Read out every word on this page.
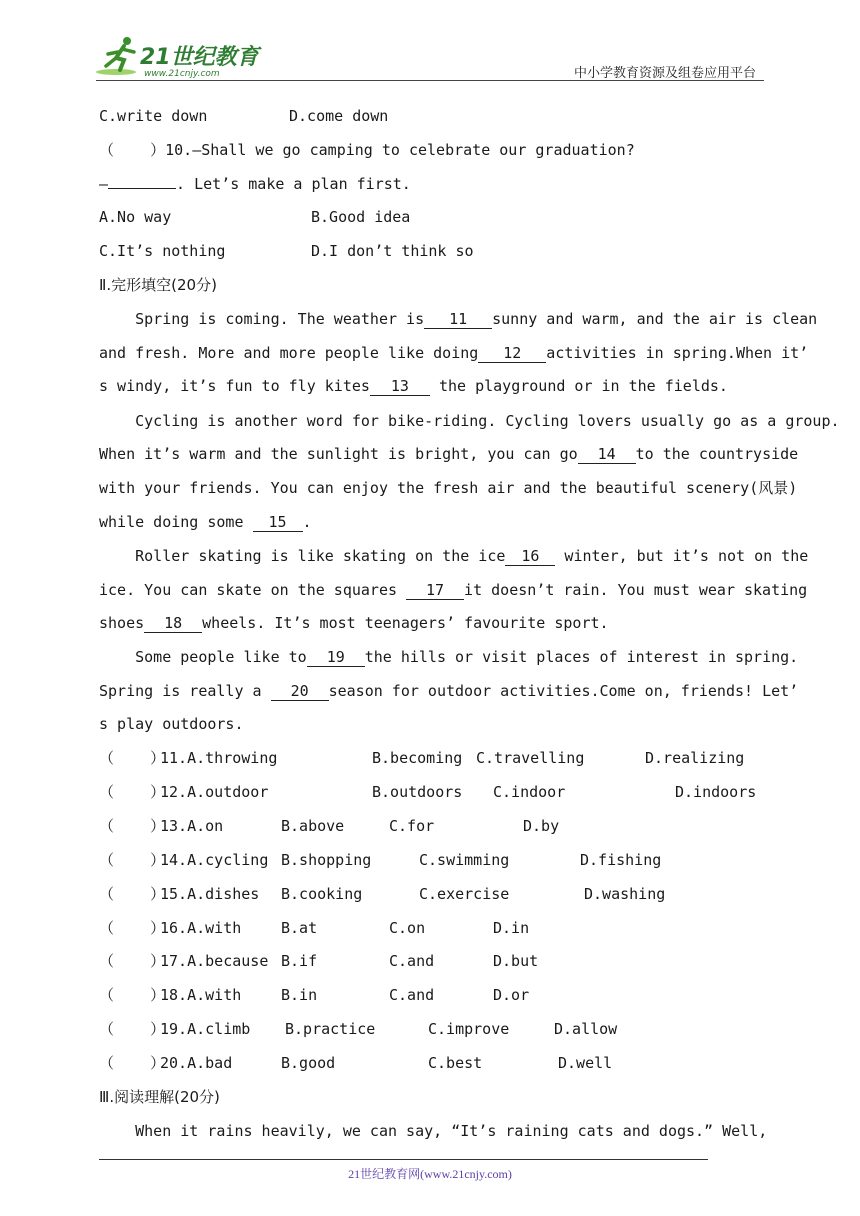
21世纪教育
www.21cnjy.com	中小学教育资源及组卷应用平台
C.write down	D.come down
（    ）10.—Shall we go camping to celebrate our graduation?
—	. Let’s make a plan first.
A.No way	B.Good idea
C.It’s nothing	D.I don’t think so
Ⅱ.完形填空(20分)
Spring is coming. The weather is 11 sunny and warm, and the air is clean
and fresh. More and more people like doing 12 activities in spring.When it’
s windy, it’s fun to fly kites 13 the playground or in the fields.
Cycling is another word for bike-riding. Cycling lovers usually go as a group.
When it’s warm and the sunlight is bright, you can go 14 to the countryside
with your friends. You can enjoy the fresh air and the beautiful scenery(风景)
while doing some 15 .
Roller skating is like skating on the ice 16 winter, but it’s not on the
ice. You can skate on the squares 17 it doesn’t rain. You must wear skating
shoes 18 wheels. It’s most teenagers’ favourite sport.
Some people like to 19 the hills or visit places of interest in spring.
Spring is really a 20 season for outdoor activities.Come on, friends! Let’
s play outdoors.
（    ）
11.A.throwing	B.becoming C.travelling	D.realizing
（    ）
12.A.outdoor	B.outdoors C.indoor	D.indoors
（    ）
13.A.on	B.above	C.for	D.by
（    ）
14.A.cycling B.shopping	C.swimming	D.fishing
（    ）
15.A.dishes B.cooking	C.exercise	D.washing
（    ）
16.A.with	B.at	C.on	D.in
（    ）
17.A.because B.if	C.and	D.but
（    ）
18.A.with	B.in	C.and	D.or
（    ）
19.A.climb B.practice	C.improve	D.allow
（    ）
20.A.bad	B.good	C.best	D.well
Ⅲ.阅读理解(20分)
When it rains heavily, we can say, “It’s raining cats and dogs.” Well,
21世纪教育网(www.21cnjy.com)
